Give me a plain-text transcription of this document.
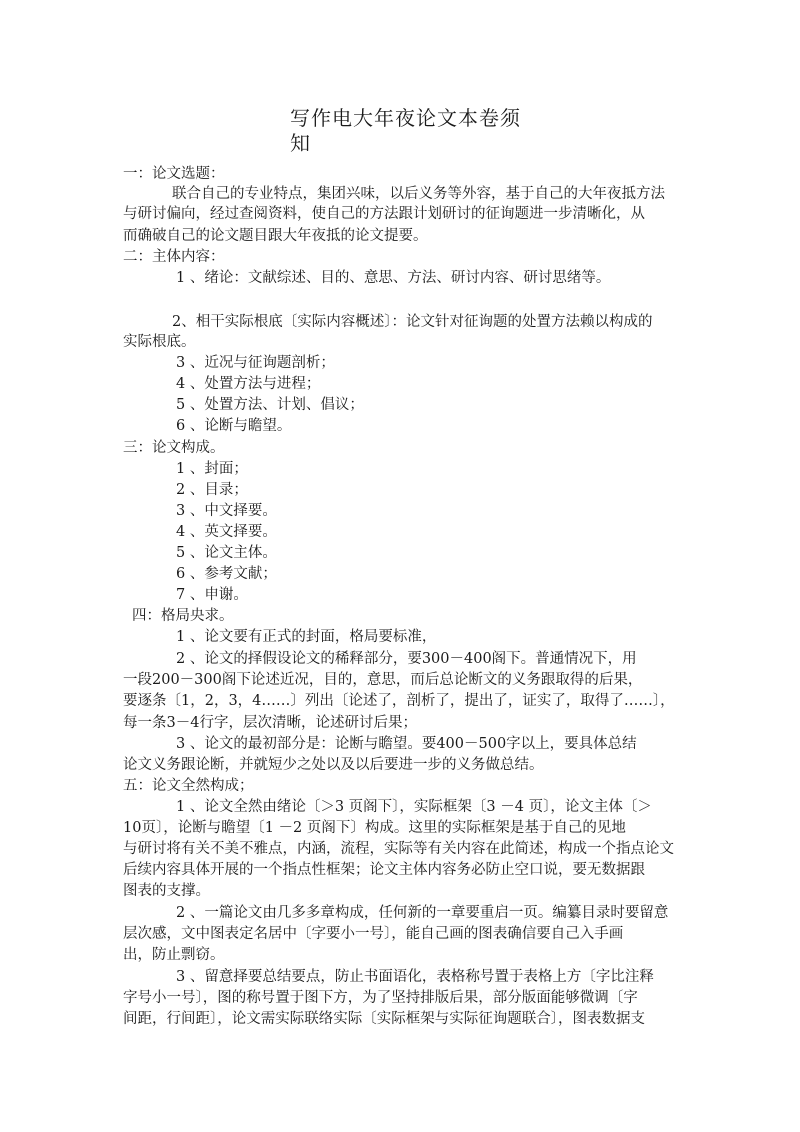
写作电大年夜论文本卷须知
一：论文选题：
联合自己的专业特点，集团兴味，以后义务等外容，基于自己的大年夜抵方法
与研讨偏向，经过查阅资料，使自己的方法跟计划研讨的征询题进一步清晰化，从
而确破自己的论文题目跟大年夜抵的论文提要。
二：主体内容：
1 、绪论：文献综述、目的、意思、方法、研讨内容、研讨思绪等。
2、相干实际根底〔实际内容概述〕：论文针对征询题的处置方法赖以构成的
实际根底。
3 、近况与征询题剖析；
4 、处置方法与进程；
5 、处置方法、计划、倡议；
6 、论断与瞻望。
三：论文构成。
1 、封面；
2 、目录；
3 、中文择要。
4 、英文择要。
5 、论文主体。
6 、参考文献；
7 、申谢。
四：格局央求。
1 、论文要有正式的封面，格局要标准，
2 、论文的择假设论文的稀释部分，要300－400阁下。普通情况下，用
一段200－300阁下论述近况，目的，意思，而后总论断文的义务跟取得的后果，
要逐条〔1，2，3，4……〕列出〔论述了，剖析了，提出了，证实了，取得了……〕，
每一条3－4行字，层次清晰，论述研讨后果；
3 、论文的最初部分是：论断与瞻望。要400－500字以上，要具体总结
论文义务跟论断，并就短少之处以及以后要进一步的义务做总结。
五：论文全然构成；
1 、论文全然由绪论〔＞3 页阁下〕，实际框架〔3 －4 页〕，论文主体〔＞
10页〕，论断与瞻望〔1 －2 页阁下〕构成。这里的实际框架是基于自己的见地
与研讨将有关不美不雅点，内涵，流程，实际等有关内容在此简述，构成一个指点论文
后续内容具体开展的一个指点性框架；论文主体内容务必防止空口说，要无数据跟
图表的支撑。
2 、一篇论文由几多多章构成，任何新的一章要重启一页。编纂目录时要留意
层次感，文中图表定名居中〔字要小一号〕，能自己画的图表确信要自己入手画
出，防止剽窃。
3 、留意择要总结要点，防止书面语化，表格称号置于表格上方〔字比注释
字号小一号〕，图的称号置于图下方，为了坚持排版后果，部分版面能够微调〔字
间距，行间距〕，论文需实际联络实际〔实际框架与实际征询题联合〕，图表数据支
